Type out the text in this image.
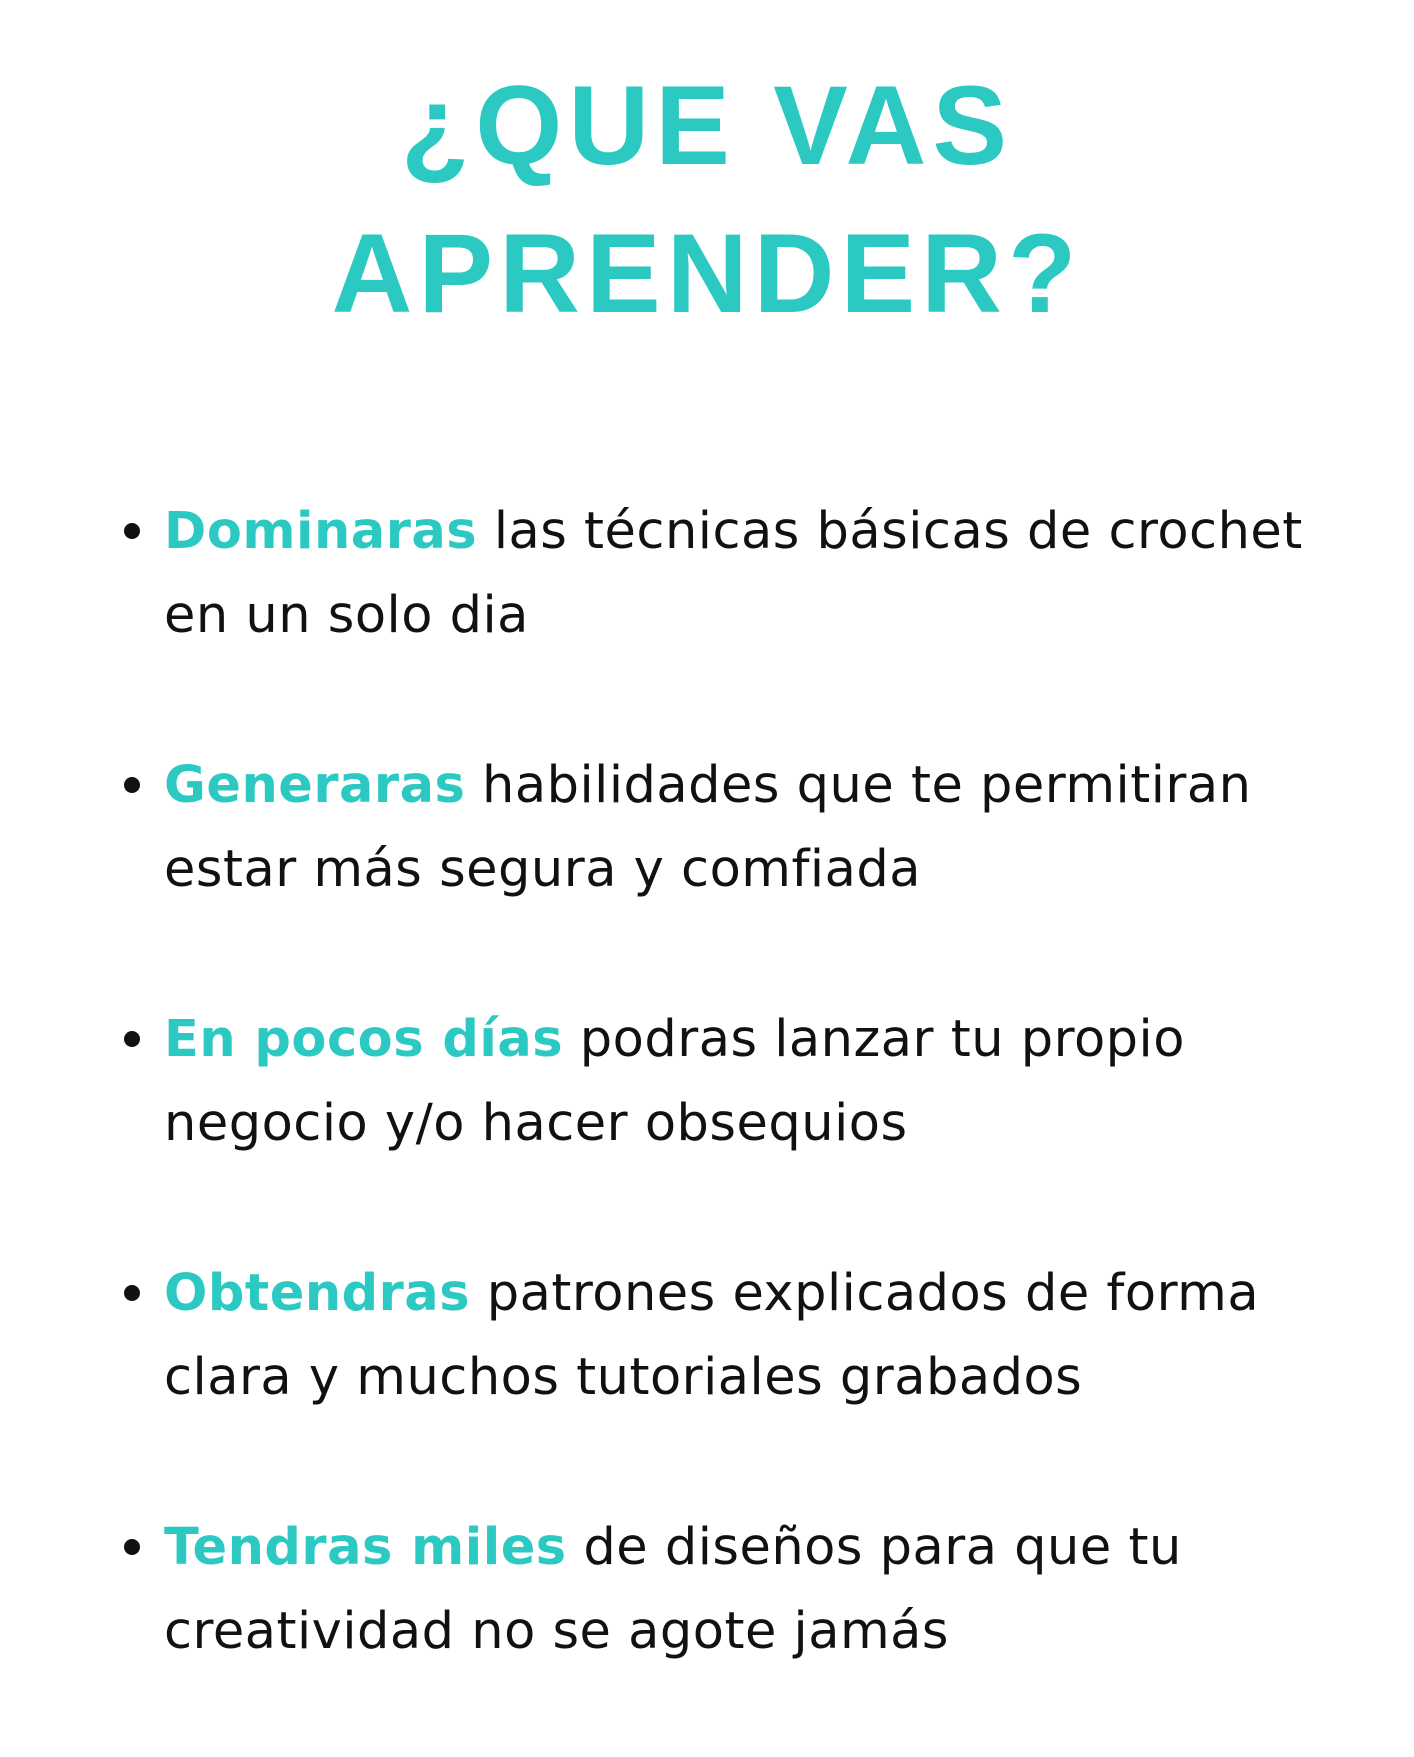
¿QUE VAS
APRENDER?
Dominaras las técnicas básicas de crochet en un solo dia
Generaras habilidades que te permitiran estar más segura y comfiada
En pocos días podras lanzar tu propio negocio y/o hacer obsequios
Obtendras patrones explicados de forma clara y muchos tutoriales grabados
Tendras miles de diseños para que tu creatividad no se agote jamás
